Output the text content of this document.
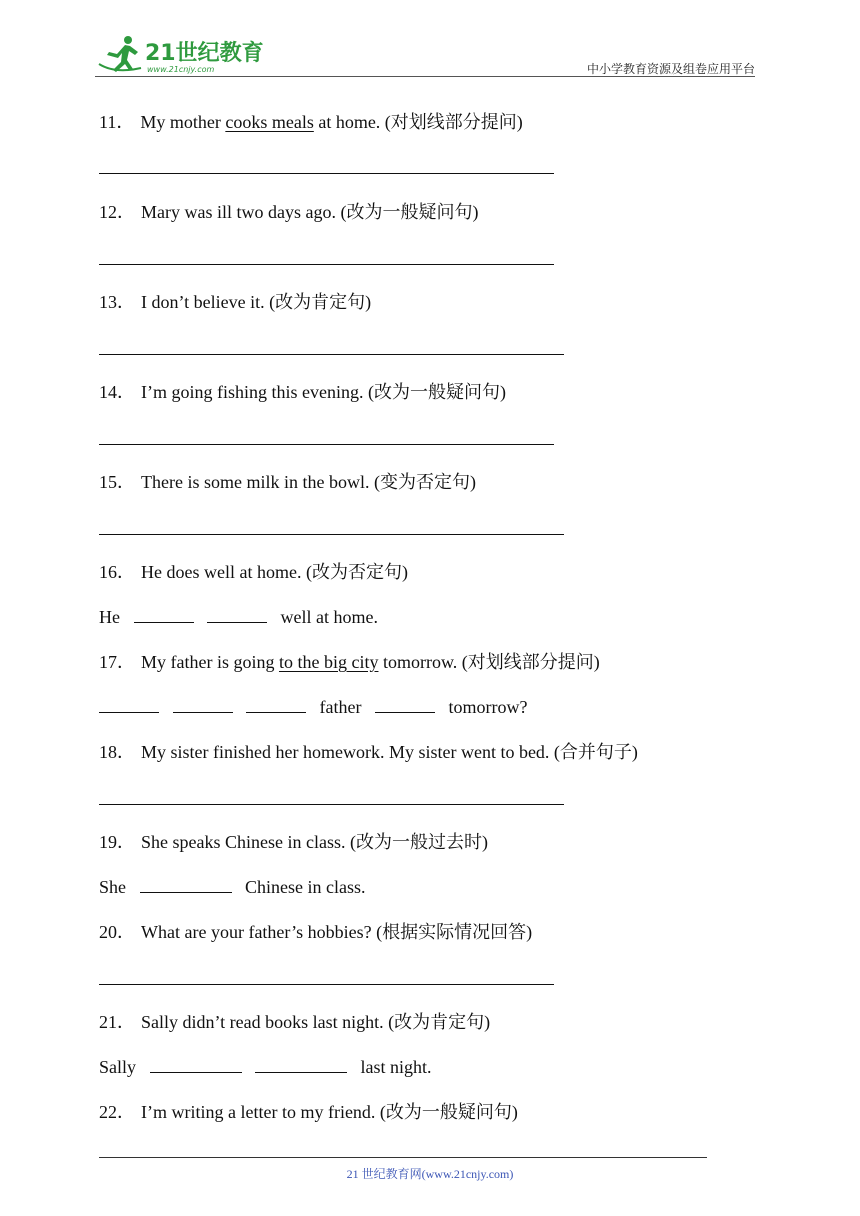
21世纪教育
www.21cnjy.com	中小学教育资源及组卷应用平台
11． My mother cooks meals at home. (对划线部分提问)
12． Mary was ill two days ago. (改为一般疑问句)
13． I don’t believe it. (改为肯定句)
14． I’m going fishing this evening. (改为一般疑问句)
15． There is some milk in the bowl. (变为否定句)
16． He does well at home. (改为否定句)
He	well at home.
17． My father is going to the big city tomorrow. (对划线部分提问)
father	tomorrow?
18． My sister finished her homework. My sister went to bed. (合并句子)
19． She speaks Chinese in class. (改为一般过去时)
She	Chinese in class.
20． What are your father’s hobbies? (根据实际情况回答)
21． Sally didn’t read books last night. (改为肯定句)
Sally	last night.
22． I’m writing a letter to my friend. (改为一般疑问句)
21 世纪教育网(www.21cnjy.com)
